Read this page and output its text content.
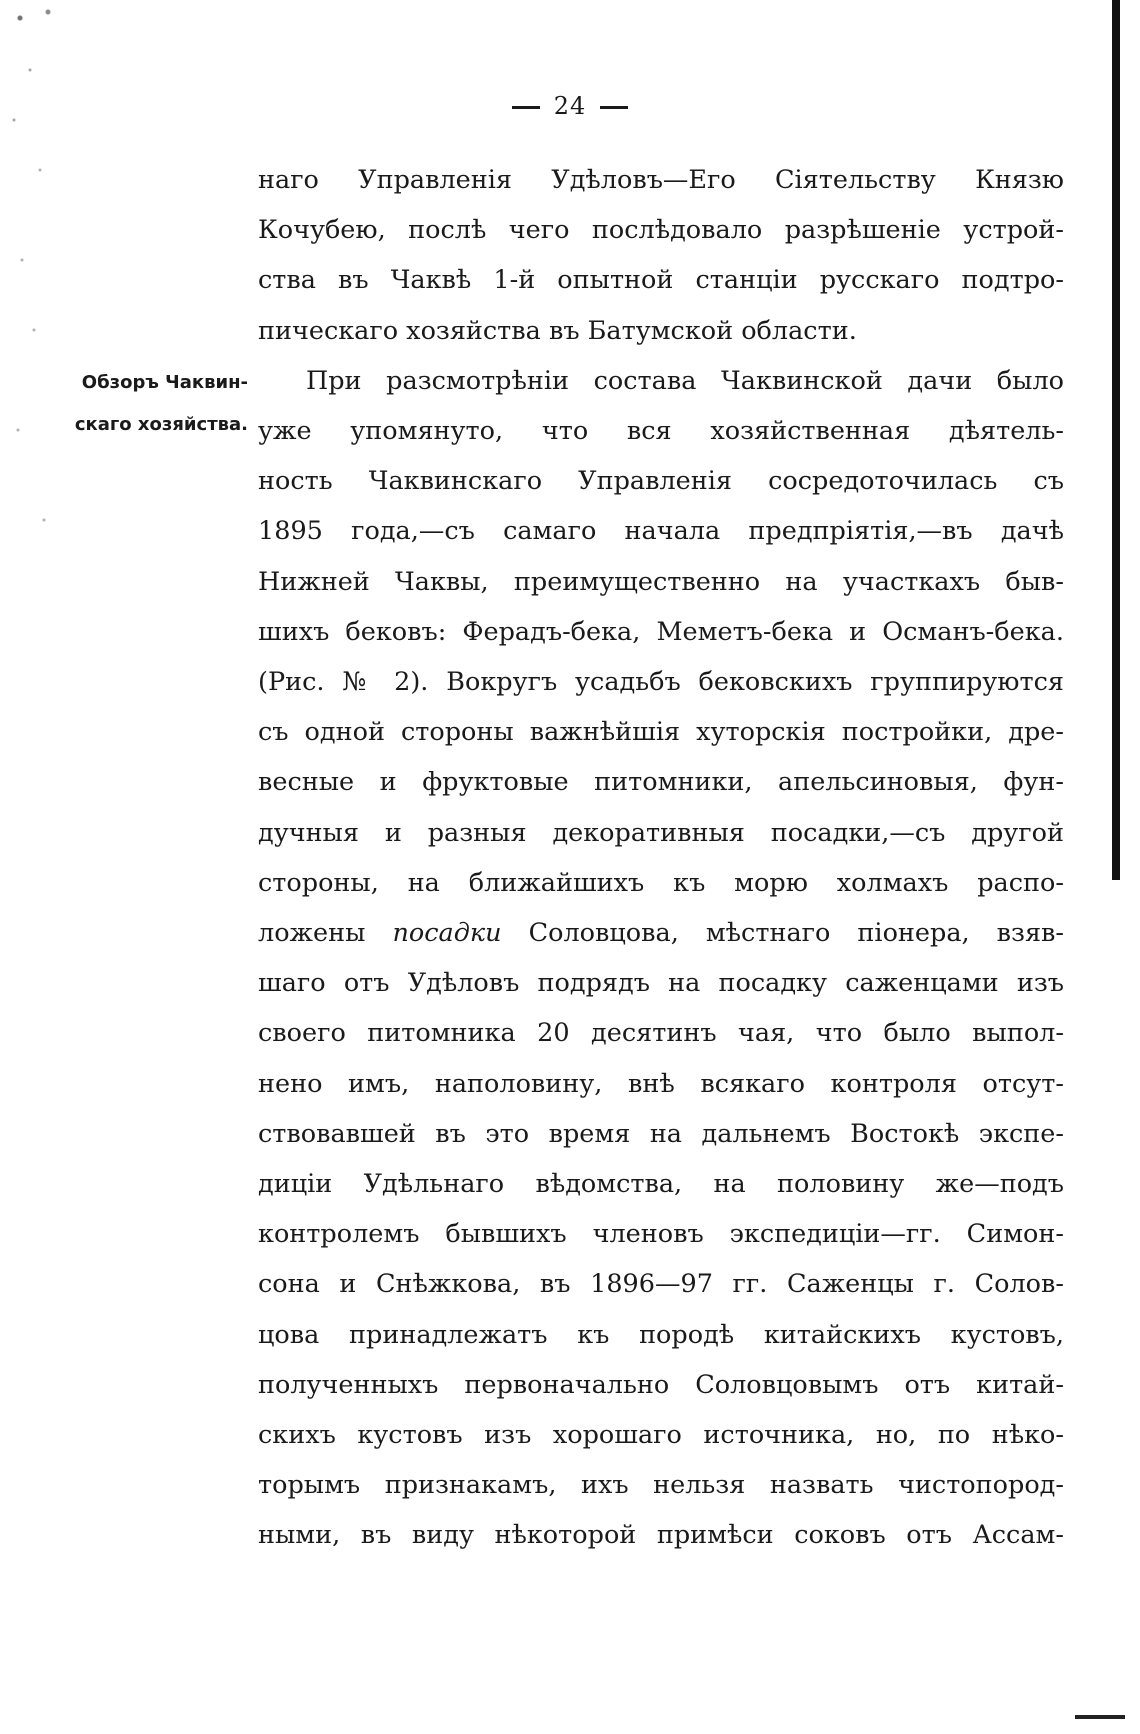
24
Обзоръ Чаквин-
скаго хозяйства.
наго Управленія Удѣловъ—Его Сіятельству Князю
Кочубею, послѣ чего послѣдовало разрѣшеніе устрой-
ства въ Чаквѣ 1-й опытной станціи русскаго подтро-
пическаго хозяйства въ Батумской области.
При разсмотрѣніи состава Чаквинской дачи было
уже упомянуто, что вся хозяйственная дѣятель-
ность Чаквинскаго Управленія сосредоточилась съ
1895 года,—съ самаго начала предпріятія,—въ дачѣ
Нижней Чаквы, преимущественно на участкахъ быв-
шихъ бековъ: Ферадъ-бека, Меметъ-бека и Османъ-бека.
(Рис. № 2). Вокругъ усадьбъ бековскихъ группируются
съ одной стороны важнѣйшія хуторскія постройки, дре-
весные и фруктовые питомники, апельсиновыя, фун-
дучныя и разныя декоративныя посадки,—съ другой
стороны, на ближайшихъ къ морю холмахъ распо-
ложены посадки Соловцова, мѣстнаго піонера, взяв-
шаго отъ Удѣловъ подрядъ на посадку саженцами изъ
своего питомника 20 десятинъ чая, что было выпол-
нено имъ, наполовину, внѣ всякаго контроля отсут-
ствовавшей въ это время на дальнемъ Востокѣ экспе-
диціи Удѣльнаго вѣдомства, на половину же—подъ
контролемъ бывшихъ членовъ экспедиціи—гг. Симон-
сона и Снѣжкова, въ 1896—97 гг. Саженцы г. Солов-
цова принадлежатъ къ породѣ китайскихъ кустовъ,
полученныхъ первоначально Соловцовымъ отъ китай-
скихъ кустовъ изъ хорошаго источника, но, по нѣко-
торымъ признакамъ, ихъ нельзя назвать чистопород-
ными, въ виду нѣкоторой примѣси соковъ отъ Ассам-
